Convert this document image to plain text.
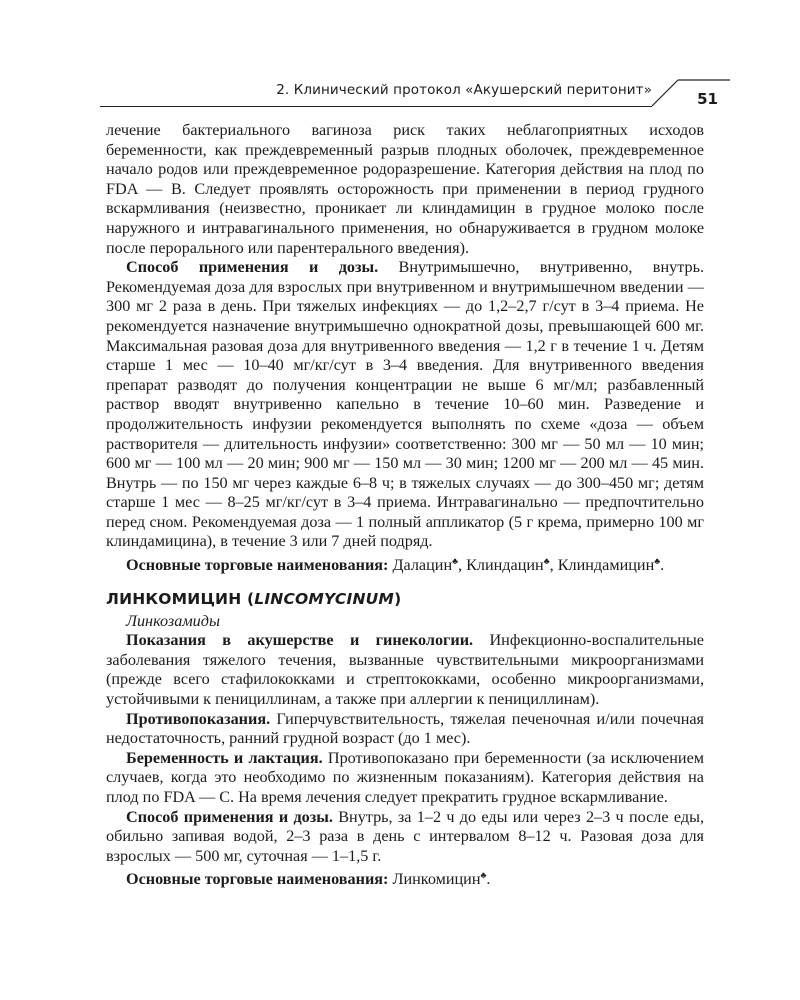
2. Клинический протокол «Акушерский перитонит»	51

лечение бактериального вагиноза риск таких неблагоприятных исходов беременности, как преждевременный разрыв плодных оболочек, преждевременное начало родов или преждевременное родоразрешение. Категория действия на плод по FDA — B. Следует проявлять осторожность при применении в период грудного вскармливания (неизвестно, проникает ли клиндамицин в грудное молоко после наружного и интравагинального применения, но обнаруживается в грудном молоке после перорального или парентерального введения).

Способ применения и дозы. Внутримышечно, внутривенно, внутрь. Рекомендуемая доза для взрослых при внутривенном и внутримышечном введении — 300 мг 2 раза в день. При тяжелых инфекциях — до 1,2–2,7 г/сут в 3–4 приема. Не рекомендуется назначение внутримышечно однократной дозы, превышающей 600 мг. Максимальная разовая доза для внутривенного введения — 1,2 г в течение 1 ч. Детям старше 1 мес — 10–40 мг/кг/сут в 3–4 введения. Для внутривенного введения препарат разводят до получения концентрации не выше 6 мг/мл; разбавленный раствор вводят внутривенно капельно в течение 10–60 мин. Разведение и продолжительность инфузии рекомендуется выполнять по схеме «доза — объем растворителя — длительность инфузии» соответственно: 300 мг — 50 мл — 10 мин; 600 мг — 100 мл — 20 мин; 900 мг — 150 мл — 30 мин; 1200 мг — 200 мл — 45 мин. Внутрь — по 150 мг через каждые 6–8 ч; в тяжелых случаях — до 300–450 мг; детям старше 1 мес — 8–25 мг/кг/сут в 3–4 приема. Интравагинально — предпочтительно перед сном. Рекомендуемая доза — 1 полный аппликатор (5 г крема, примерно 100 мг клиндамицина), в течение 3 или 7 дней подряд.

Основные торговые наименования: Далацин♣, Клиндацин♣, Клиндамицин♣.

ЛИНКОМИЦИН (LINCOMYCINUM)

Линкозамиды

Показания в акушерстве и гинекологии. Инфекционно-воспалительные заболевания тяжелого течения, вызванные чувствительными микроорганизмами (прежде всего стафилококками и стрептококками, особенно микроорганизмами, устойчивыми к пенициллинам, а также при аллергии к пенициллинам).

Противопоказания. Гиперчувствительность, тяжелая печеночная и/или почечная недостаточность, ранний грудной возраст (до 1 мес).

Беременность и лактация. Противопоказано при беременности (за исключением случаев, когда это необходимо по жизненным показаниям). Категория действия на плод по FDA — C. На время лечения следует прекратить грудное вскармливание.

Способ применения и дозы. Внутрь, за 1–2 ч до еды или через 2–3 ч после еды, обильно запивая водой, 2–3 раза в день с интервалом 8–12 ч. Разовая доза для взрослых — 500 мг, суточная — 1–1,5 г.

Основные торговые наименования: Линкомицин♣.
